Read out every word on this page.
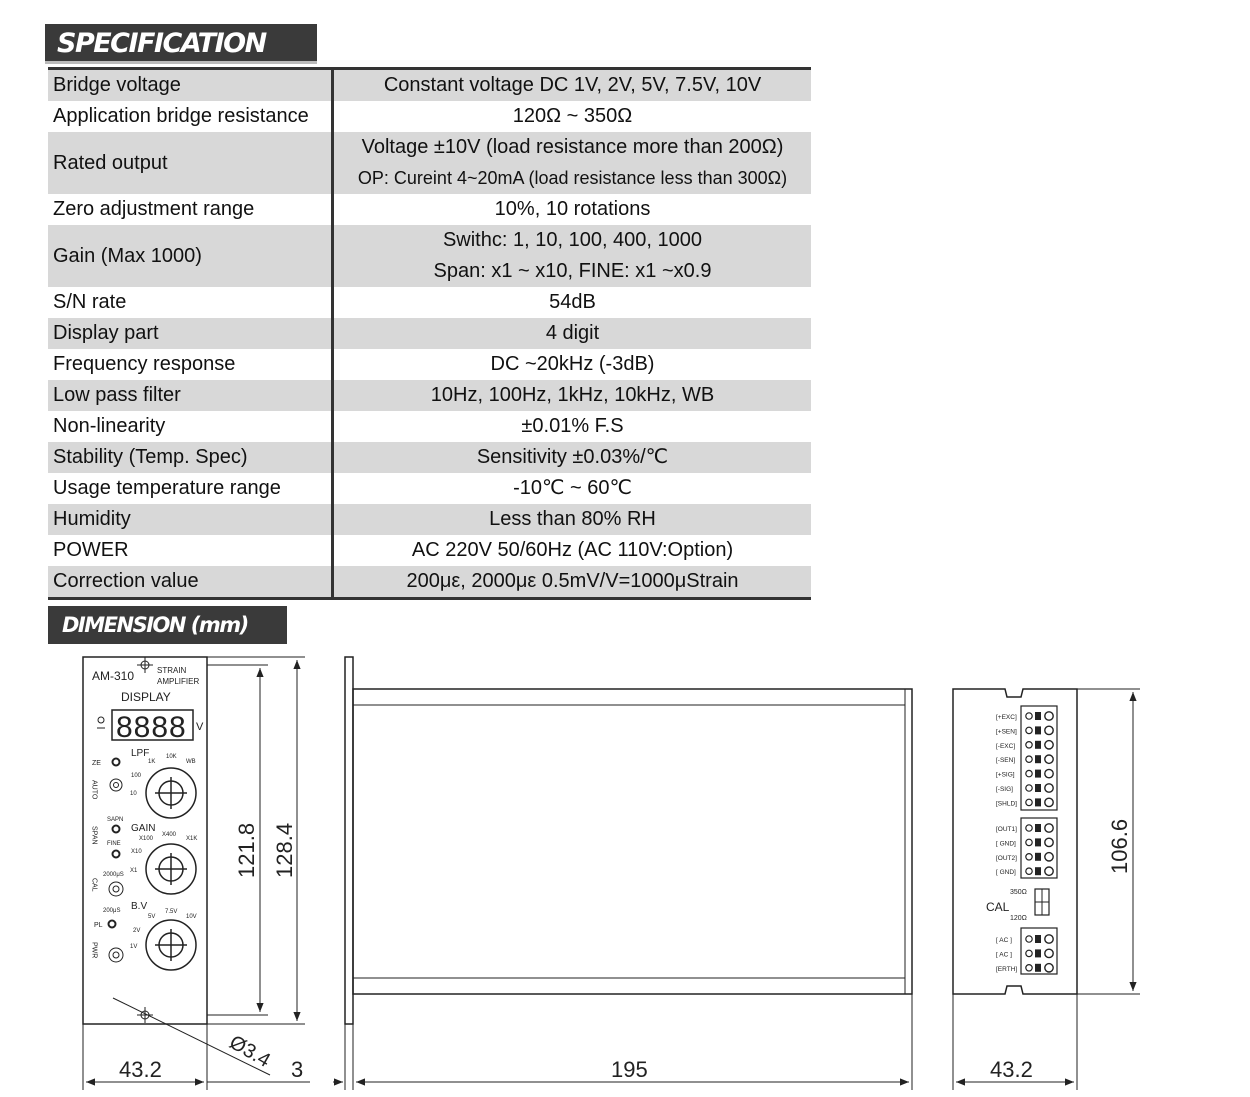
SPECIFICATION
Bridge voltage	Constant voltage DC 1V, 2V, 5V, 7.5V, 10V

Application bridge resistance	120Ω ~ 350Ω

Rated output	Voltage ±10V (load resistance more than 200Ω)
OP: Cureint 4~20mA (load resistance less than 300Ω)

Zero adjustment range	10%, 10 rotations

Gain (Max 1000)	Swithc: 1, 10, 100, 400, 1000
Span: x1 ~ x10, FINE: x1 ~x0.9

S/N rate	54dB

Display part	4 digit

Frequency response	DC ~20kHz (-3dB)

Low pass filter	10Hz, 100Hz, 1kHz, 10kHz, WB

Non-linearity	±0.01% F.S

Stability (Temp. Spec)	Sensitivity ±0.03%/℃

Usage temperature range	-10℃ ~ 60℃

Humidity	Less than 80% RH

POWER	AC 220V 50/60Hz (AC 110V:Option)

Correction value	200με, 2000με 0.5mV/V=1000μStrain
DIMENSION (mm)
AM-310	STRAIN
AMPLIFIER
DISPLAY
8888 V
LPF
1K
10K
WB
100
10
ZE
AUTO
SPAN
SAPN
FINE
GAIN
X100
X400
X1K
X10
X1
CAL
2000μS
200μS B.V
5V
7.5V
10V
2V
1V
PL
PWR
43.2
121.8 128.4
Ø3.4 3	195
[+EXC]
[+SEN]
[-EXC]
[-SEN]
[+SIG]
[-SIG]
[SHLD]
[OUT1]
[ GND]
[OUT2]
[ GND]
[ AC ]
[ AC ]
[ERTH]
CAL
350Ω
120Ω
106.6
43.2
